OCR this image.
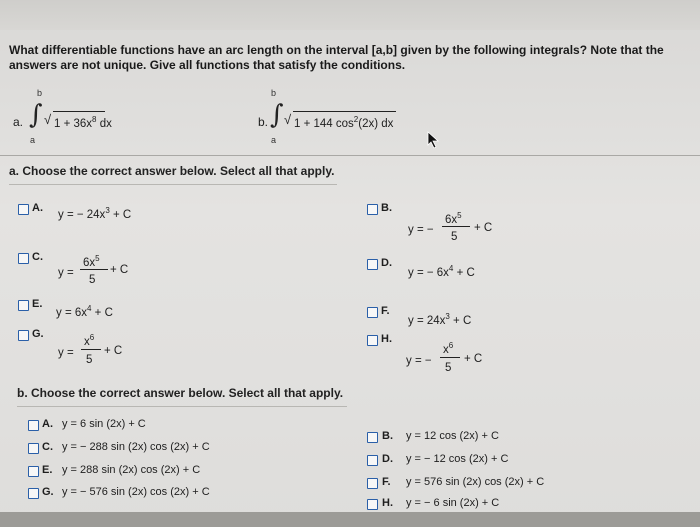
What differentiable functions have an arc length on the interval [a,b] given by the following integrals? Note that the
answers are not unique. Give all functions that satisfy the conditions.
a.
b
∫
a
√ $1 + 36x^8$ dx	b.
b
∫
a
√ 1 + 144 $\cos^2(2x)$ dx
a. Choose the correct answer below. Select all that apply.
A.
y = − $24x^3 + C$
B.
y = −
$6x^5$
5
+ C
C.
y =
$6x^5$
5
+ C
D.
y = − $6x^4 + C$
E.
$y = 6x^4 + C$	F.
$y = 24x^3 + C$
G.
y =
$x^6$
5
+ C
H.
y = −
$x^6$
5
+ C
b. Choose the correct answer below. Select all that apply.
A. y = 6 sin (2x) + C
B. y = 12 cos (2x) + C
C. y = − 288 sin (2x) cos (2x) + C
D. y = − 12 cos (2x) + C
E. y = 288 sin (2x) cos (2x) + C
F. y = 576 sin (2x) cos (2x) + C
G. y = − 576 sin (2x) cos (2x) + C
H. y = − 6 sin (2x) + C
